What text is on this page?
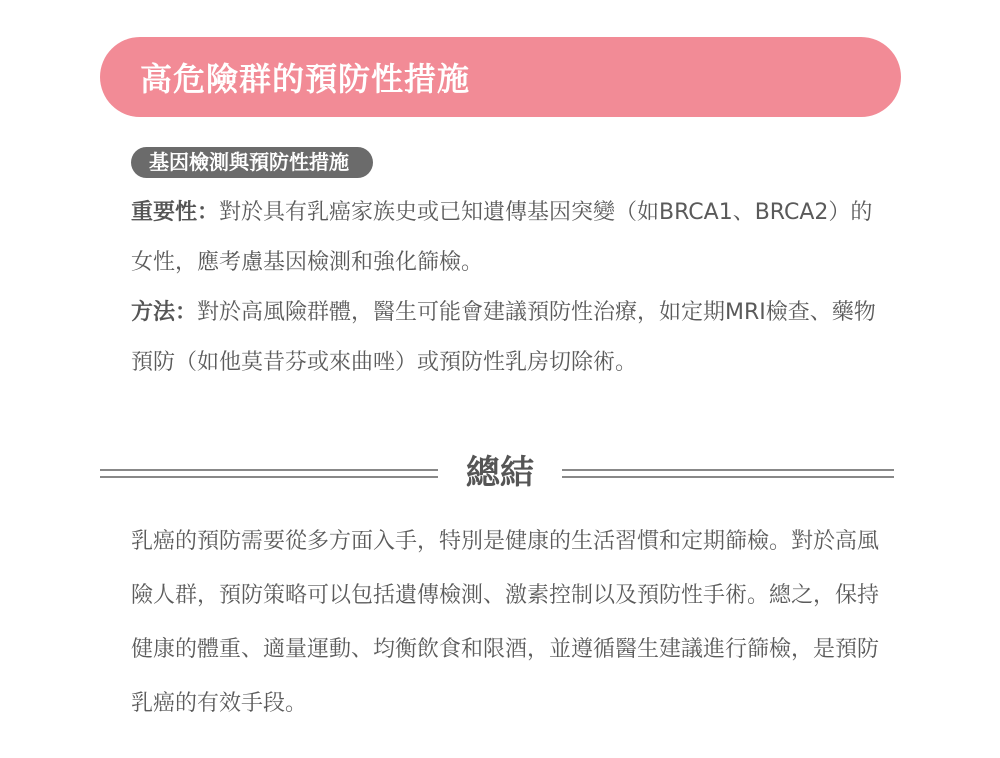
高危險群的預防性措施
基因檢測與預防性措施

重要性：對於具有乳癌家族史或已知遺傳基因突變（如BRCA1、BRCA2）的女性，應考慮基因檢測和強化篩檢。

方法：對於高風險群體，醫生可能會建議預防性治療，如定期MRI檢查、藥物預防（如他莫昔芬或來曲唑）或預防性乳房切除術。

總結

乳癌的預防需要從多方面入手，特別是健康的生活習慣和定期篩檢。對於高風險人群，預防策略可以包括遺傳檢測、激素控制以及預防性手術。總之，保持健康的體重、適量運動、均衡飲食和限酒，並遵循醫生建議進行篩檢，是預防乳癌的有效手段。
